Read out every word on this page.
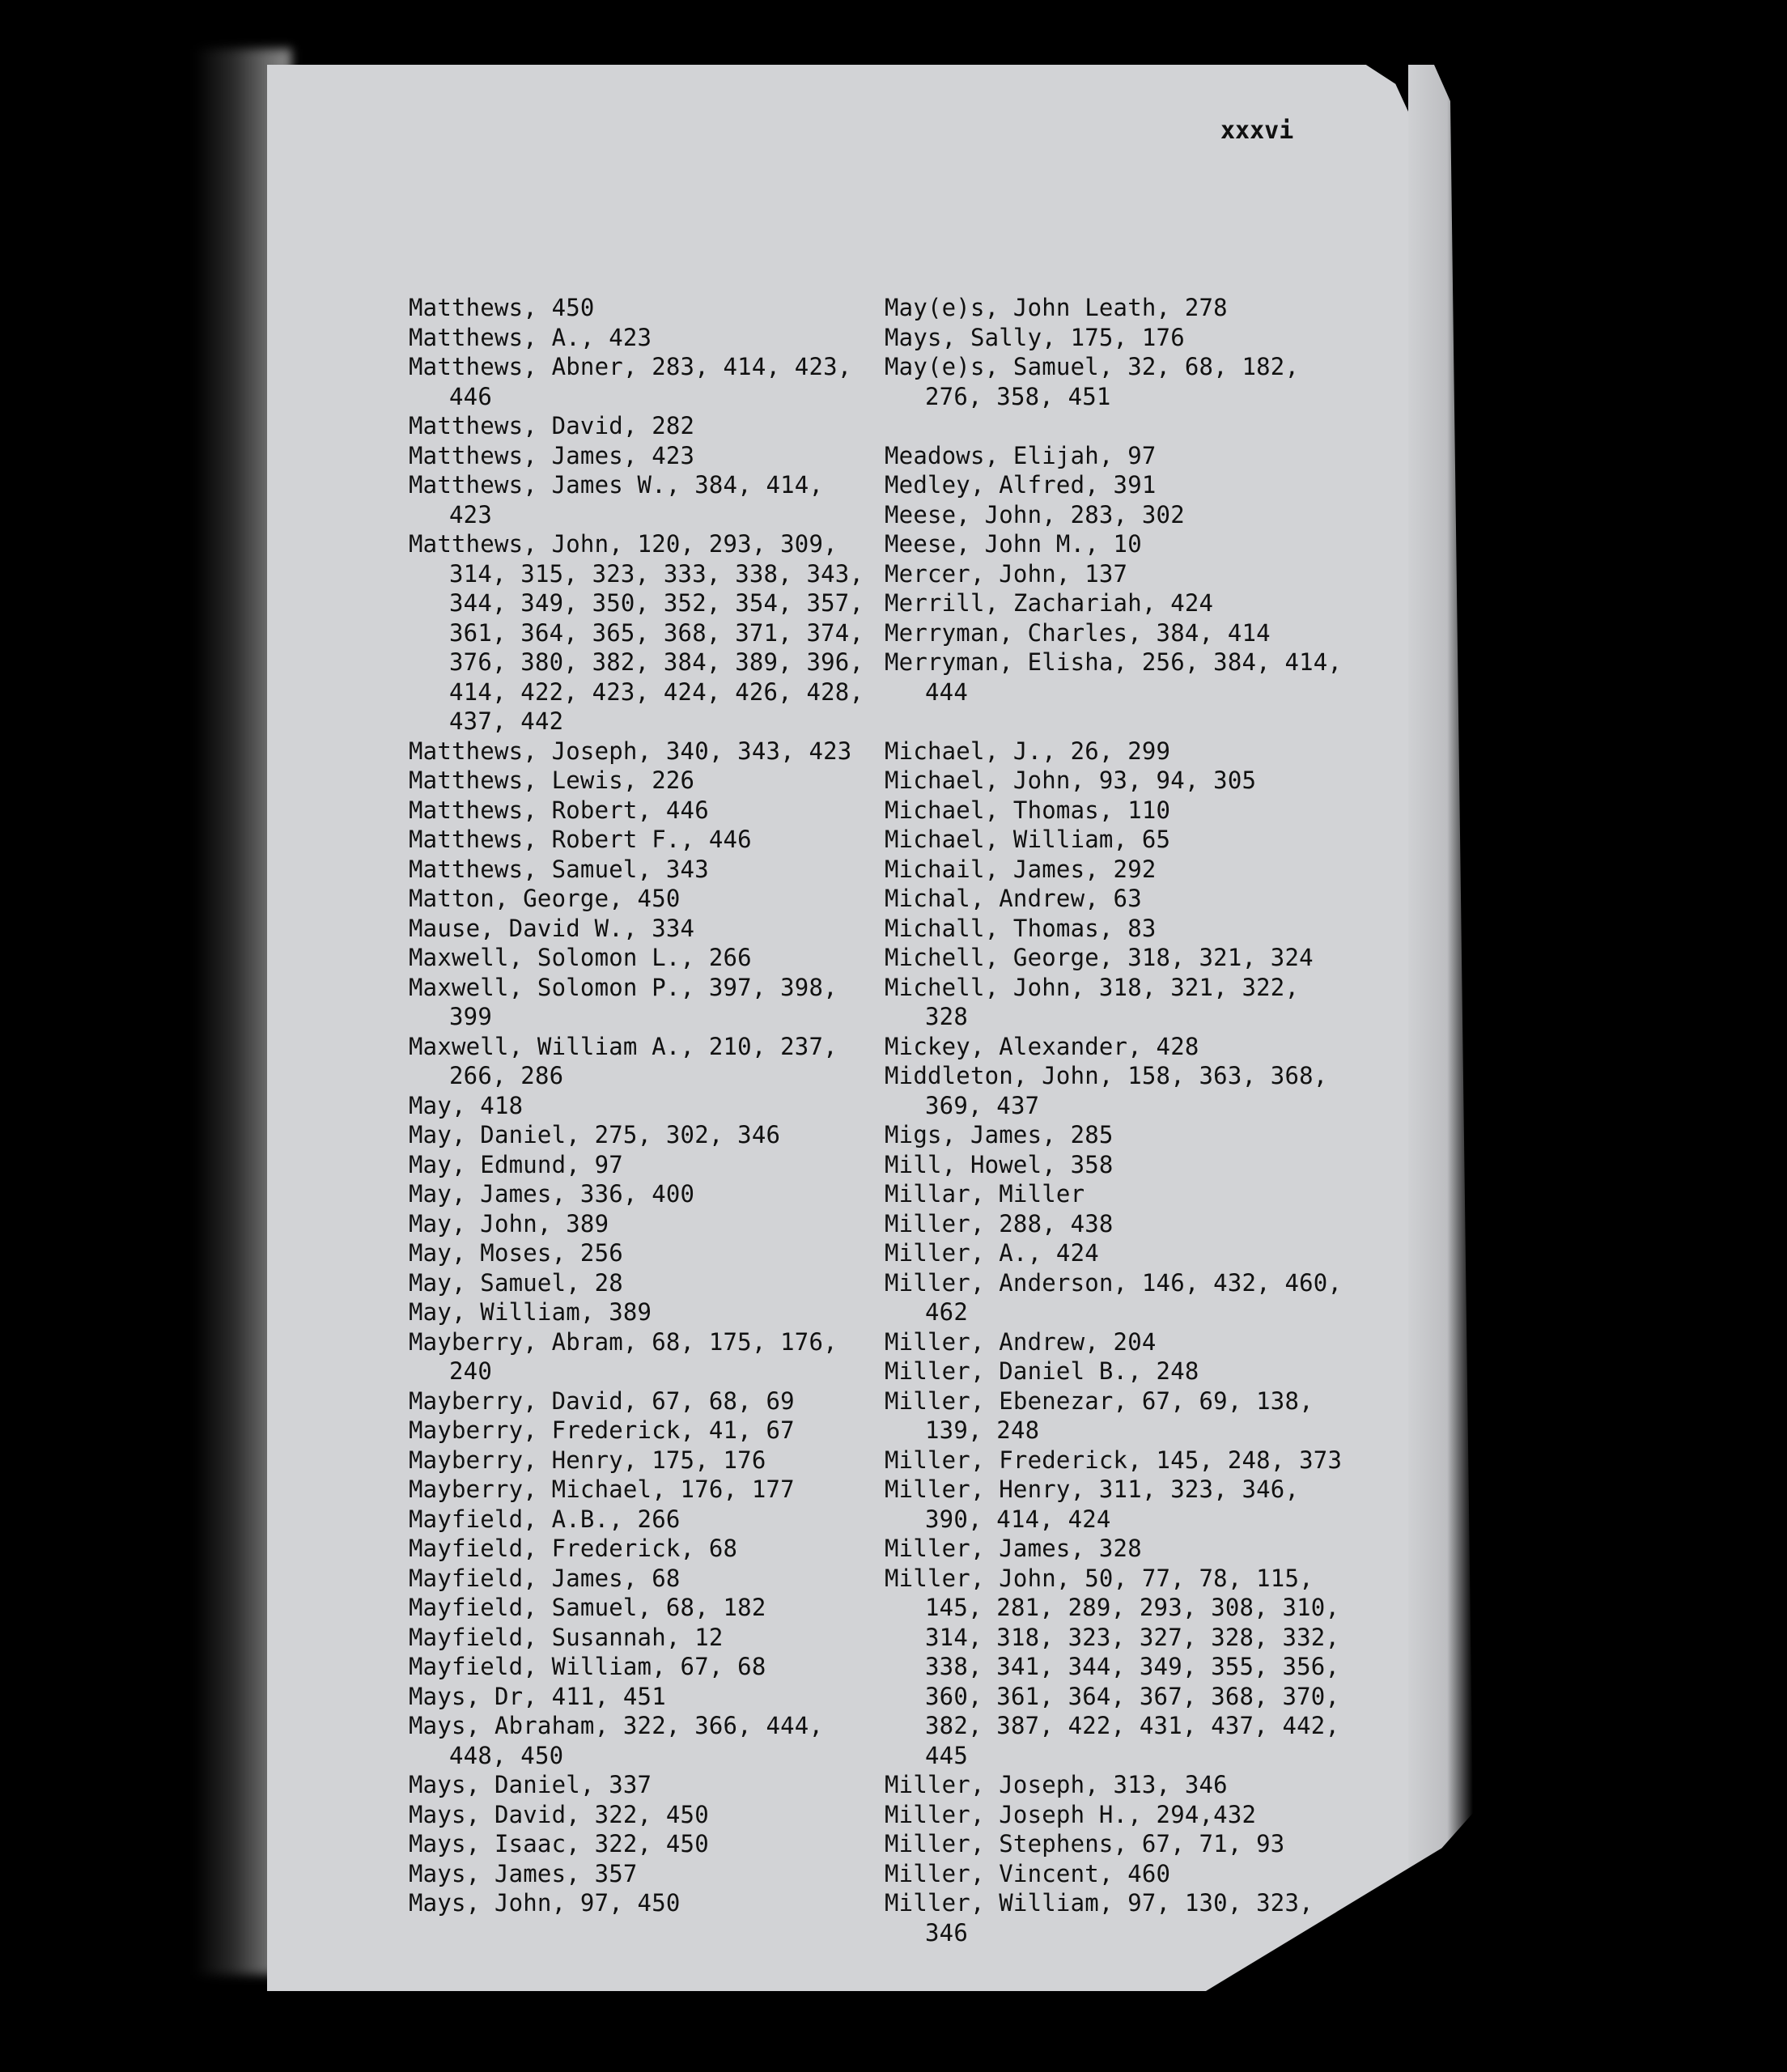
xxxvi
Matthews, 450
Matthews, A., 423
Matthews, Abner, 283, 414, 423, 446
Matthews, David, 282
Matthews, James, 423
Matthews, James W., 384, 414, 423
Matthews, John, 120, 293, 309, 314, 315, 323, 333, 338, 343, 344, 349, 350, 352, 354, 357, 361, 364, 365, 368, 371, 374, 376, 380, 382, 384, 389, 396, 414, 422, 423, 424, 426, 428, 437, 442
Matthews, Joseph, 340, 343, 423
Matthews, Lewis, 226
Matthews, Robert, 446
Matthews, Robert F., 446
Matthews, Samuel, 343
Matton, George, 450
Mause, David W., 334
Maxwell, Solomon L., 266
Maxwell, Solomon P., 397, 398, 399
Maxwell, William A., 210, 237, 266, 286
May, 418
May, Daniel, 275, 302, 346
May, Edmund, 97
May, James, 336, 400
May, John, 389
May, Moses, 256
May, Samuel, 28
May, William, 389
Mayberry, Abram, 68, 175, 176, 240
Mayberry, David, 67, 68, 69
Mayberry, Frederick, 41, 67
Mayberry, Henry, 175, 176
Mayberry, Michael, 176, 177
Mayfield, A.B., 266
Mayfield, Frederick, 68
Mayfield, James, 68
Mayfield, Samuel, 68, 182
Mayfield, Susannah, 12
Mayfield, William, 67, 68
Mays, Dr, 411, 451
Mays, Abraham, 322, 366, 444, 448, 450
Mays, Daniel, 337
Mays, David, 322, 450
Mays, Isaac, 322, 450
Mays, James, 357
Mays, John, 97, 450
May(e)s, John Leath, 278
Mays, Sally, 175, 176
May(e)s, Samuel, 32, 68, 182, 276, 358, 451
Meadows, Elijah, 97
Medley, Alfred, 391
Meese, John, 283, 302
Meese, John M., 10
Mercer, John, 137
Merrill, Zachariah, 424
Merryman, Charles, 384, 414
Merryman, Elisha, 256, 384, 414, 444
Michael, J., 26, 299
Michael, John, 93, 94, 305
Michael, Thomas, 110
Michael, William, 65
Michail, James, 292
Michal, Andrew, 63
Michall, Thomas, 83
Michell, George, 318, 321, 324
Michell, John, 318, 321, 322, 328
Mickey, Alexander, 428
Middleton, John, 158, 363, 368, 369, 437
Migs, James, 285
Mill, Howel, 358
Millar, Miller
Miller, 288, 438
Miller, A., 424
Miller, Anderson, 146, 432, 460, 462
Miller, Andrew, 204
Miller, Daniel B., 248
Miller, Ebenezar, 67, 69, 138, 139, 248
Miller, Frederick, 145, 248, 373
Miller, Henry, 311, 323, 346, 390, 414, 424
Miller, James, 328
Miller, John, 50, 77, 78, 115, 145, 281, 289, 293, 308, 310, 314, 318, 323, 327, 328, 332, 338, 341, 344, 349, 355, 356, 360, 361, 364, 367, 368, 370, 382, 387, 422, 431, 437, 442, 445
Miller, Joseph, 313, 346
Miller, Joseph H., 294,432
Miller, Stephens, 67, 71, 93
Miller, Vincent, 460
Miller, William, 97, 130, 323, 346
